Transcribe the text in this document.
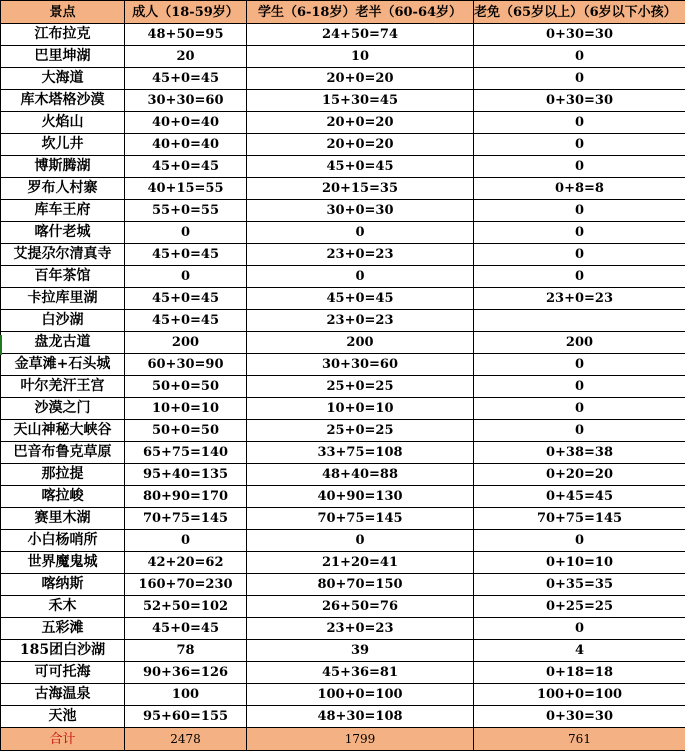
景点	成人（18-59岁）	学生（6-18岁）老半（60-64岁）	老免（65岁以上）（6岁以下小孩）
江布拉克	48+50=95	24+50=74	0+30=30
巴里坤湖	20	10	0
大海道	45+0=45	20+0=20	0
库木塔格沙漠	30+30=60	15+30=45	0+30=30
火焰山	40+0=40	20+0=20	0
坎儿井	40+0=40	20+0=20	0
博斯腾湖	45+0=45	45+0=45	0
罗布人村寨	40+15=55	20+15=35	0+8=8
库车王府	55+0=55	30+0=30	0
喀什老城	0	0	0
艾提尕尔清真寺	45+0=45	23+0=23	0
百年茶馆	0	0	0
卡拉库里湖	45+0=45	45+0=45	23+0=23
白沙湖	45+0=45	23+0=23	
盘龙古道	200	200	200
金草滩+石头城	60+30=90	30+30=60	0
叶尔羌汗王宫	50+0=50	25+0=25	0
沙漠之门	10+0=10	10+0=10	0
天山神秘大峡谷	50+0=50	25+0=25	0
巴音布鲁克草原	65+75=140	33+75=108	0+38=38
那拉提	95+40=135	48+40=88	0+20=20
喀拉峻	80+90=170	40+90=130	0+45=45
赛里木湖	70+75=145	70+75=145	70+75=145
小白杨哨所	0	0	0
世界魔鬼城	42+20=62	21+20=41	0+10=10
喀纳斯	160+70=230	80+70=150	0+35=35
禾木	52+50=102	26+50=76	0+25=25
五彩滩	45+0=45	23+0=23	0
185团白沙湖	78	39	4
可可托海	90+36=126	45+36=81	0+18=18
古海温泉	100	100+0=100	100+0=100
天池	95+60=155	48+30=108	0+30=30
合计	2478	1799	761
